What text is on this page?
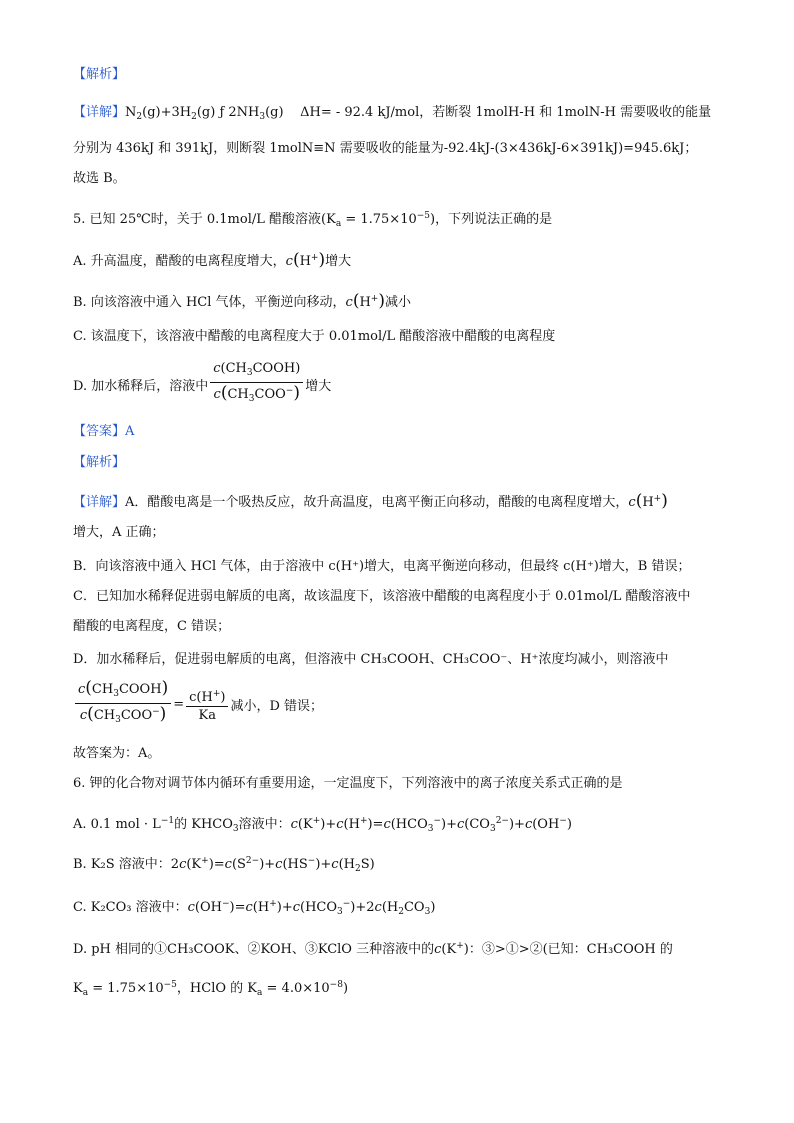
【解析】
【详解】$N_2(g)+3H_2(g)$ ƒ $2NH_3(g)$ ΔH= - 92.4 kJ/mol，若断裂 1molH-H 和 1molN-H 需要吸收的能量
分别为 436kJ 和 391kJ，则断裂 1molN≡N 需要吸收的能量为-92.4kJ-(3×436kJ-6×391kJ)=945.6kJ；
故选 B。
5. 已知 25℃时，关于 0.1mol/L 醋酸溶液$(K_a = 1.75\times 10^{-5})$，下列说法正确的是
A. 升高温度，醋酸的电离程度增大，c(H+)增大
B. 向该溶液中通入 HCl 气体，平衡逆向移动，c(H+)减小
C. 该温度下，该溶液中醋酸的电离程度大于 0.01mol/L 醋酸溶液中醋酸的电离程度
D. 加水稀释后，溶液中 $\frac{c(CH_3COOH)}{c(CH_3COO^-)}$ 增大
【答案】A
【解析】
【详解】A．醋酸电离是一个吸热反应，故升高温度，电离平衡正向移动，醋酸的电离程度增大，c(H+)
增大，A 正确；
B．向该溶液中通入 HCl 气体，由于溶液中 c(H⁺)增大，电离平衡逆向移动，但最终 c(H⁺)增大，B 错误；
C．已知加水稀释促进弱电解质的电离，故该温度下，该溶液中醋酸的电离程度小于 0.01mol/L 醋酸溶液中
醋酸的电离程度，C 错误；
D．加水稀释后，促进弱电解质的电离，但溶液中 CH₃COOH、CH₃COO⁻、H⁺浓度均减小，则溶液中
$\frac{c(CH_3COOH)}{c(CH_3COO^-)} = \frac{c(H^+)}{Ka}$ 减小，D 错误；
故答案为：A。
6. 钾的化合物对调节体内循环有重要用途，一定温度下，下列溶液中的离子浓度关系式正确的是
A. 0.1 mol · $L^{-1}$的 $KHCO_3$溶液中：$c(K^+)+c(H^+)=c(HCO_3^-)+c(CO_3^{2-})+c(OH^-)$
B. K₂S 溶液中：$2c(K^+)=c(S^{2-})+c(HS^-)+c(H_2S)$
C. K₂CO₃ 溶液中：$c(OH^-)=c(H^+)+c(HCO_3^-)+2c(H_2CO_3)$
D. pH 相同的①CH₃COOK、②KOH、③KClO 三种溶液中的c(K+)：③>①>②(已知：CH₃COOH 的
$K_a = 1.75\times 10^{-5}$，HClO 的 $K_a = 4.0\times 10^{-8}$)
